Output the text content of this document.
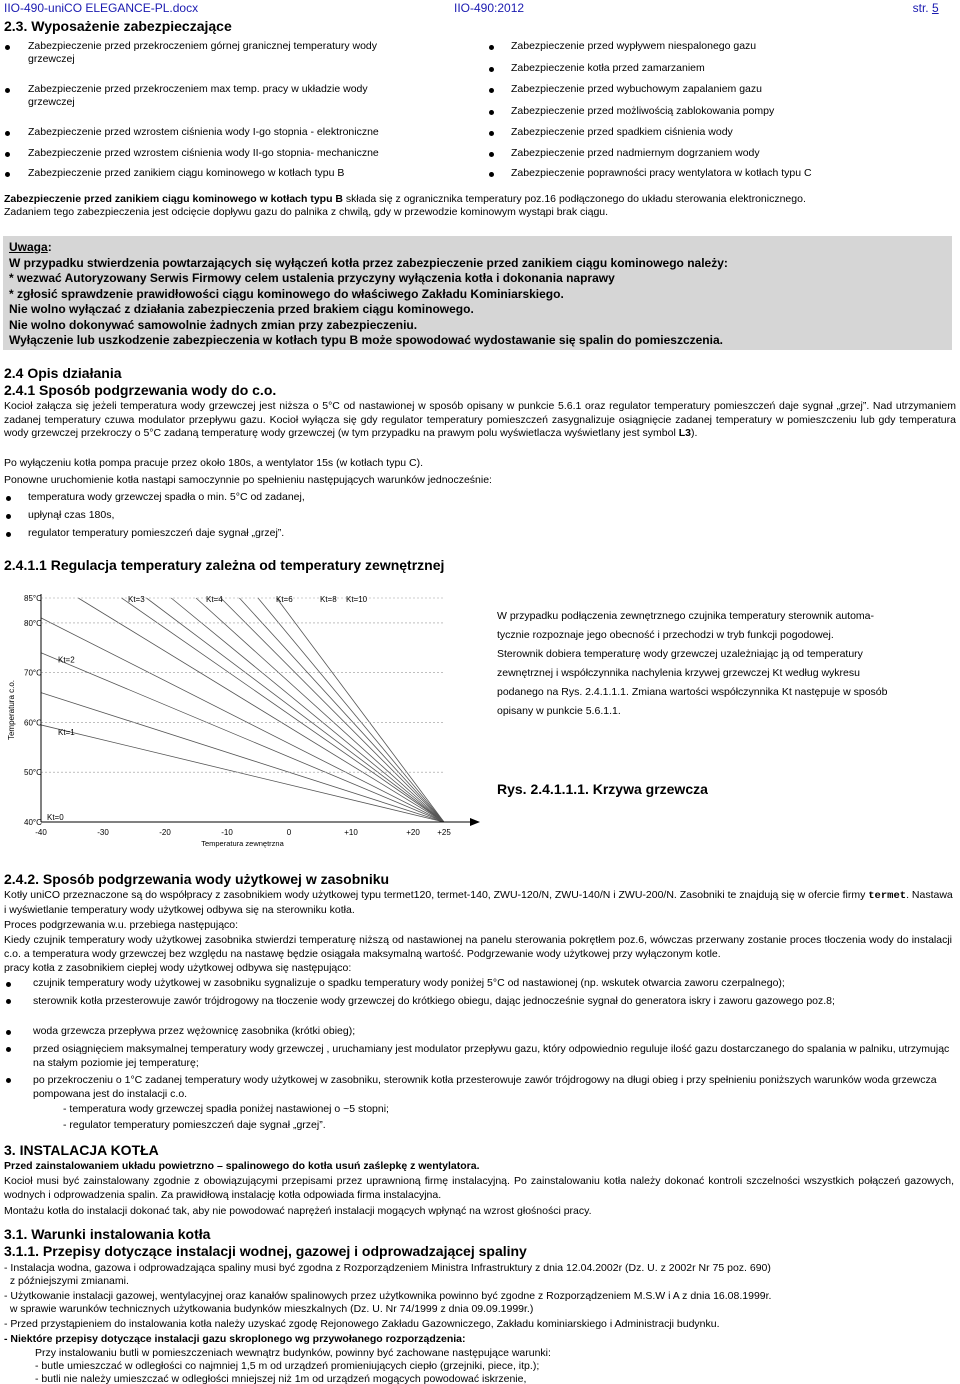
IIO-490-uniCO ELEGANCE-PL.docx	IIO-490:2012	str. 5
2.3. Wyposażenie zabezpieczające
Zabezpieczenie przed przekroczeniem górnej granicznej temperatury wody
grzewczej
Zabezpieczenie przed przekroczeniem max temp. pracy w układzie wody
grzewczej
Zabezpieczenie przed wzrostem ciśnienia wody I-go stopnia - elektroniczne
Zabezpieczenie przed wzrostem ciśnienia wody II-go stopnia- mechaniczne
Zabezpieczenie przed zanikiem ciągu kominowego w kotłach typu B
Zabezpieczenie przed wypływem niespalonego gazu
Zabezpieczenie kotła przed zamarzaniem
Zabezpieczenie przed wybuchowym zapalaniem gazu
Zabezpieczenie przed możliwością zablokowania pompy
Zabezpieczenie przed spadkiem ciśnienia wody
Zabezpieczenie przed nadmiernym dogrzaniem wody
Zabezpieczenie poprawności pracy wentylatora w kotłach typu C

Zabezpieczenie przed zanikiem ciągu kominowego w kotłach typu B składa się z ogranicznika temperatury poz.16 podłączonego do układu sterowania elektronicznego.

Zadaniem tego zabezpieczenia jest odcięcie dopływu gazu do palnika z chwilą, gdy w przewodzie kominowym wystąpi brak ciągu.

Uwaga:
W przypadku stwierdzenia powtarzających się wyłączeń kotła przez zabezpieczenie przed zanikiem ciągu kominowego należy:
* wezwać Autoryzowany Serwis Firmowy celem ustalenia przyczyny wyłączenia kotła i dokonania naprawy
* zgłosić sprawdzenie prawidłowości ciągu kominowego do właściwego Zakładu Kominiarskiego.
Nie wolno wyłączać z działania zabezpieczenia przed brakiem ciągu kominowego.
Nie wolno dokonywać samowolnie żadnych zmian przy zabezpieczeniu.
Wyłączenie lub uszkodzenie zabezpieczenia w kotłach typu B może spowodować wydostawanie się spalin do pomieszczenia.
2.4 Opis działania
2.4.1 Sposób podgrzewania wody do c.o.

Kocioł załącza się jeżeli temperatura wody grzewczej jest niższa o 5°C od nastawionej w sposób opisany w punkcie 5.6.1 oraz regulator temperatury pomieszczeń daje sygnał „grzej”. Nad utrzymaniem zadanej temperatury czuwa modulator przepływu gazu. Kocioł wyłącza się gdy regulator temperatury pomieszczeń zasygnalizuje osiągnięcie zadanej temperatury w pomieszczeniu lub gdy temperatura wody grzewczej przekroczy o 5°C zadaną temperaturę wody grzewczej (w tym przypadku na prawym polu wyświetlacza wyświetlany jest symbol L3).

Po wyłączeniu kotła pompa pracuje przez około 180s, a wentylator 15s (w kotłach typu C).

Ponowne uruchomienie kotła nastąpi samoczynnie po spełnieniu następujących warunków jednocześnie:

temperatura wody grzewczej spadła o min. 5°C od zadanej,
upłynął czas 180s,
regulator temperatury pomieszczeń daje sygnał „grzej”.
2.4.1.1 Regulacja temperatury zależna od temperatury zewnętrznej
40°C
50°C
60°C
70°C
80°C
85°C
-40	-30	-20	-10	0	+10	+20 +25
Temperatura zewnętrzna
Temperatura c.o.
Kt=0
Kt=1
Kt=2
Kt=3	Kt=4	Kt=6	Kt=8 Kt=10

W przypadku podłączenia zewnętrznego czujnika temperatury sterownik automa-

tycznie rozpoznaje jego obecność i przechodzi w tryb funkcji pogodowej.

Sterownik dobiera temperaturę wody grzewczej uzależniając ją od temperatury

zewnętrznej i współczynnika nachylenia krzywej grzewczej Kt według wykresu

podanego na Rys. 2.4.1.1.1. Zmiana wartości współczynnika Kt następuje w sposób

opisany w punkcie 5.6.1.1.

Rys. 2.4.1.1.1. Krzywa grzewcza
2.4.2. Sposób podgrzewania wody użytkowej w zasobniku

Kotły uniCO przeznaczone są do współpracy z zasobnikiem wody użytkowej typu termet120, termet-140, ZWU-120/N, ZWU-140/N i ZWU-200/N. Zasobniki te znajdują się w ofercie firmy termet. Nastawa i wyświetlanie temperatury wody użytkowej odbywa się na sterowniku kotła.

Proces podgrzewania w.u. przebiega następująco:

Kiedy czujnik temperatury wody użytkowej zasobnika stwierdzi temperaturę niższą od nastawionej na panelu sterowania pokrętłem poz.6, wówczas przerwany zostanie proces tłoczenia wody do instalacji c.o. a temperatura wody grzewczej bez względu na nastawę będzie osiągała maksymalną wartość. Podgrzewanie wody użytkowej przy wyłączonym kotle.

pracy kotła z zasobnikiem ciepłej wody użytkowej odbywa się następująco:

czujnik temperatury wody użytkowej w zasobniku sygnalizuje o spadku temperatury wody poniżej 5°C od nastawionej (np. wskutek otwarcia zaworu czerpalnego);
sterownik kotła przesterowuje zawór trójdrogowy na tłoczenie wody grzewczej do krótkiego obiegu, dając jednocześnie sygnał do generatora iskry i zaworu gazowego poz.8;
woda grzewcza przepływa przez wężownicę zasobnika (krótki obieg);
przed osiągnięciem maksymalnej temperatury wody grzewczej , uruchamiany jest modulator przepływu gazu, który odpowiednio reguluje ilość gazu dostarczanego do spalania w palniku, utrzymując na stałym poziomie jej temperaturę;
po przekroczeniu o 1°C zadanej temperatury wody użytkowej w zasobniku, sterownik kotła przesterowuje zawór trójdrogowy na długi obieg i przy spełnieniu poniższych warunków woda grzewcza pompowana jest do instalacji c.o.
- temperatura wody grzewczej spadła poniżej nastawionej o ~5 stopni;
- regulator temperatury pomieszczeń daje sygnał „grzej”.
3. INSTALACJA KOTŁA

Przed zainstalowaniem układu powietrzno – spalinowego do kotła usuń zaślepkę z wentylatora.

Kocioł musi być zainstalowany zgodnie z obowiązującymi przepisami przez uprawnioną firmę instalacyjną. Po zainstalowaniu kotła należy dokonać kontroli szczelności wszystkich połączeń gazowych, wodnych i odprowadzenia spalin. Za prawidłową instalację kotła odpowiada firma instalacyjna.

Montażu kotła do instalacji dokonać tak, aby nie powodować naprężeń instalacji mogących wpłynąć na wzrost głośności pracy.

3.1. Warunki instalowania kotła
3.1.1. Przepisy dotyczące instalacji wodnej, gazowej i odprowadzającej spaliny

- Instalacja wodna, gazowa i odprowadzająca spaliny musi być zgodna z Rozporządzeniem Ministra Infrastruktury z dnia 12.04.2002r (Dz. U. z 2002r Nr 75 poz. 690)

z późniejszymi zmianami.

- Użytkowanie instalacji gazowej, wentylacyjnej oraz kanałów spalinowych przez użytkownika powinno być zgodne z Rozporządzeniem M.S.W i A z dnia 16.08.1999r.

w sprawie warunków technicznych użytkowania budynków mieszkalnych (Dz. U. Nr 74/1999 z dnia 09.09.1999r.)

- Przed przystąpieniem do instalowania kotła należy uzyskać zgodę Rejonowego Zakładu Gazowniczego, Zakładu kominiarskiego i Administracji budynku.

- Niektóre przepisy dotyczące instalacji gazu skroplonego wg przywołanego rozporządzenia:

Przy instalowaniu butli w pomieszczeniach wewnątrz budynków, powinny być zachowane następujące warunki:

- butle umieszczać w odległości co najmniej 1,5 m od urządzeń promieniujących ciepło (grzejniki, piece, itp.);

- butli nie należy umieszczać w odległości mniejszej niż 1m od urządzeń mogących powodować iskrzenie,
